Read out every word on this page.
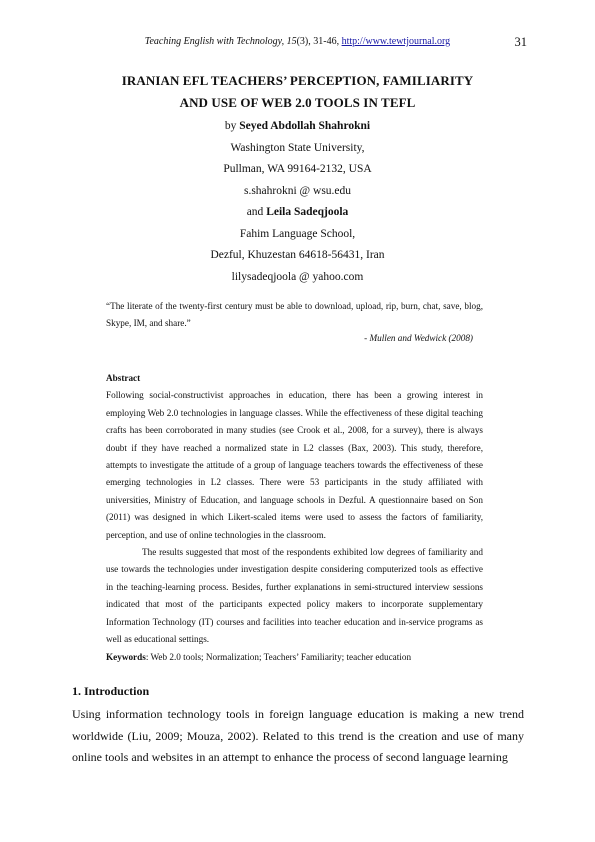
Teaching English with Technology, 15(3), 31-46, http://www.tewtjournal.org	31
IRANIAN EFL TEACHERS’ PERCEPTION, FAMILIARITY
AND USE OF WEB 2.0 TOOLS IN TEFL
by Seyed Abdollah Shahrokni
Washington State University,
Pullman, WA 99164-2132, USA
s.shahrokni @ wsu.edu
and Leila Sadeqjoola
Fahim Language School,
Dezful, Khuzestan 64618-56431, Iran
lilysadeqjoola @ yahoo.com
“The literate of the twenty-first century must be able to download, upload, rip, burn, chat, save, blog, Skype, IM, and share.”
- Mullen and Wedwick (2008)
Abstract

Following social-constructivist approaches in education, there has been a growing interest in employing Web 2.0 technologies in language classes. While the effectiveness of these digital teaching crafts has been corroborated in many studies (see Crook et al., 2008, for a survey), there is always doubt if they have reached a normalized state in L2 classes (Bax, 2003). This study, therefore, attempts to investigate the attitude of a group of language teachers towards the effectiveness of these emerging technologies in L2 classes. There were 53 participants in the study affiliated with universities, Ministry of Education, and language schools in Dezful. A questionnaire based on Son (2011) was designed in which Likert-scaled items were used to assess the factors of familiarity, perception, and use of online technologies in the classroom.

The results suggested that most of the respondents exhibited low degrees of familiarity and use towards the technologies under investigation despite considering computerized tools as effective in the teaching-learning process. Besides, further explanations in semi-structured interview sessions indicated that most of the participants expected policy makers to incorporate supplementary Information Technology (IT) courses and facilities into teacher education and in-service programs as well as educational settings.

Keywords: Web 2.0 tools; Normalization; Teachers’ Familiarity; teacher education

1. Introduction
Using information technology tools in foreign language education is making a new trend worldwide (Liu, 2009; Mouza, 2002). Related to this trend is the creation and use of many online tools and websites in an attempt to enhance the process of second language learning
